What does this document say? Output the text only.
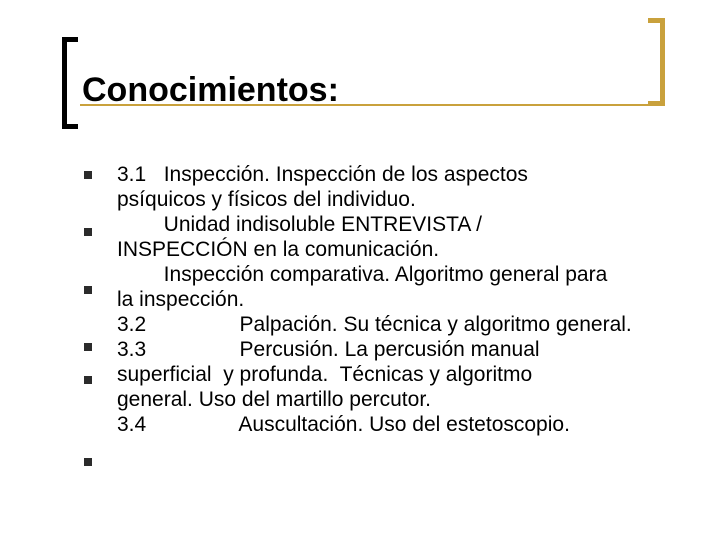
Conocimientos:
3.1   Inspección. Inspección de los aspectos
psíquicos y físicos del individuo.
Unidad indisoluble ENTREVISTA /
INSPECCIÓN en la comunicación.
Inspección comparativa. Algoritmo general para
la inspección.
3.2                Palpación. Su técnica y algoritmo general.
3.3                Percusión. La percusión manual
superficial  y profunda.  Técnicas y algoritmo
general. Uso del martillo percutor.
3.4                Auscultación. Uso del estetoscopio.
